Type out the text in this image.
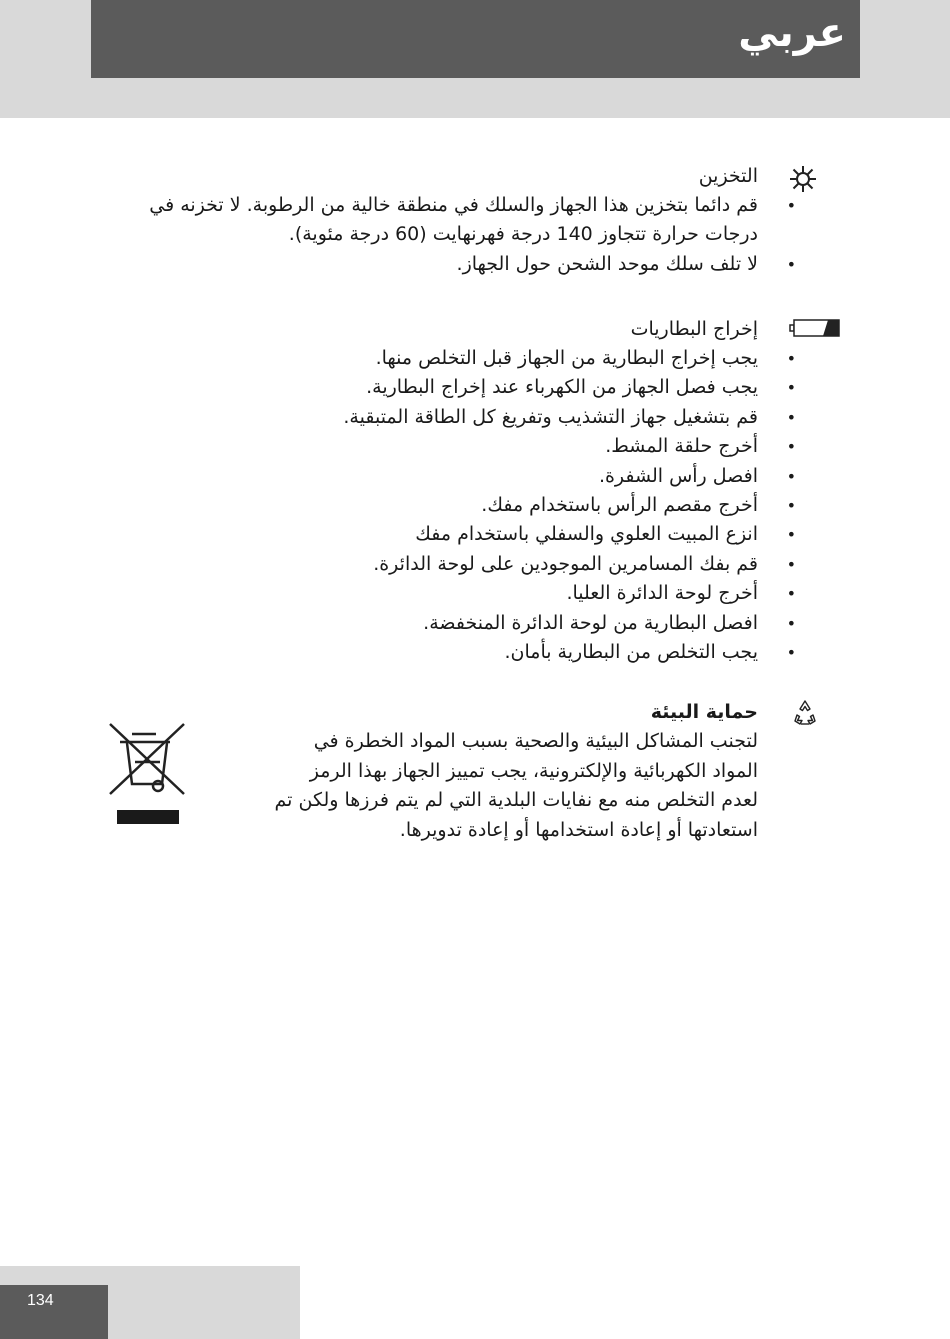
عربي
التخزين
• قم دائما بتخزين هذا الجهاز والسلك في منطقة خالية من الرطوبة. لا تخزنه في درجات حرارة تتجاوز 140 درجة فهرنهايت (60 درجة مئوية).
• لا تلف سلك موحد الشحن حول الجهاز.
إخراج البطاريات
• يجب إخراج البطارية من الجهاز قبل التخلص منها.
• يجب فصل الجهاز من الكهرباء عند إخراج البطارية.
• قم بتشغيل جهاز التشذيب وتفريغ كل الطاقة المتبقية.
• أخرج حلقة المشط.
• افصل رأس الشفرة.
• أخرج مقصم الرأس باستخدام مفك.
• انزع المبيت العلوي والسفلي باستخدام مفك
• قم بفك المسامرين الموجودين على لوحة الدائرة.
• أخرج لوحة الدائرة العليا.
• افصل البطارية من لوحة الدائرة المنخفضة.
• يجب التخلص من البطارية بأمان.
حماية البيئة
لتجنب المشاكل البيئية والصحية بسبب المواد الخطرة في
المواد الكهربائية والإلكترونية، يجب تمييز الجهاز بهذا الرمز
لعدم التخلص منه مع نفايات البلدية التي لم يتم فرزها ولكن تم
استعادتها أو إعادة استخدامها أو إعادة تدويرها.
134
